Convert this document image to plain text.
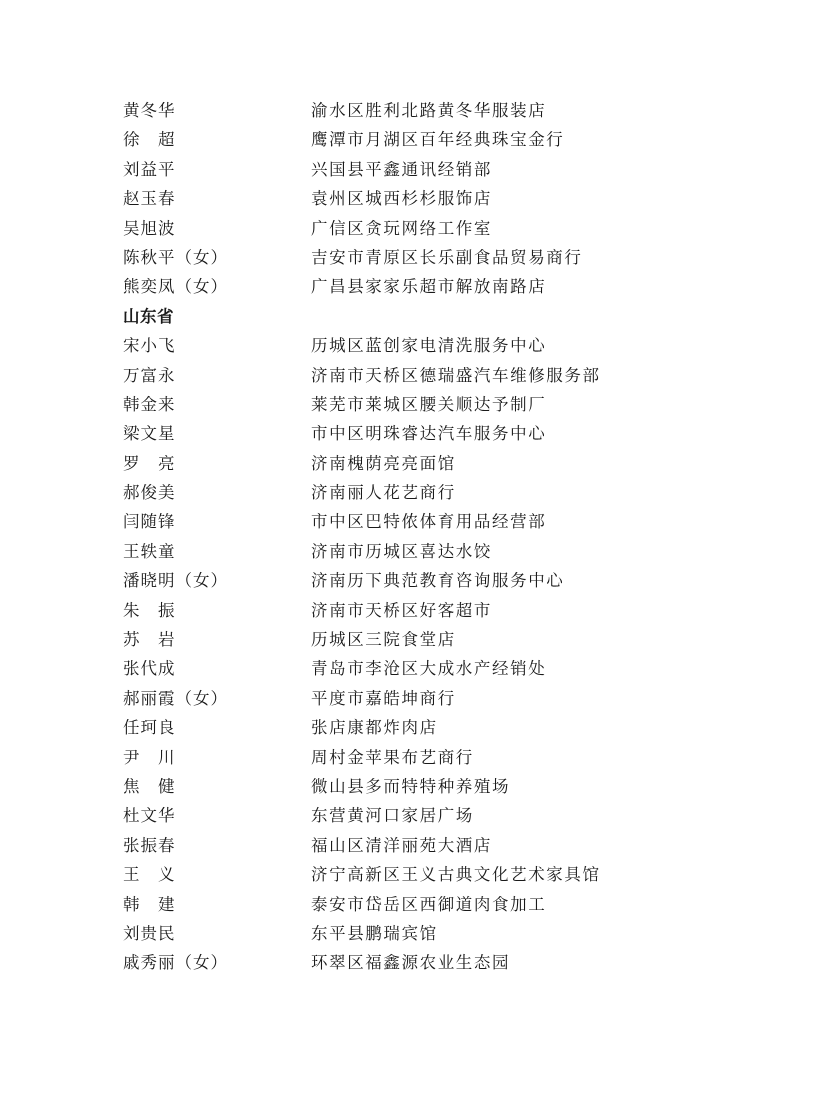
黄冬华	渝水区胜利北路黄冬华服装店
徐　超	鹰潭市月湖区百年经典珠宝金行
刘益平	兴国县平鑫通讯经销部
赵玉春	袁州区城西杉杉服饰店
吴旭波	广信区贪玩网络工作室
陈秋平（女）	吉安市青原区长乐副食品贸易商行
熊奕凤（女）	广昌县家家乐超市解放南路店
山东省
宋小飞	历城区蓝创家电清洗服务中心
万富永	济南市天桥区德瑞盛汽车维修服务部
韩金来	莱芜市莱城区腰关顺达予制厂
梁文星	市中区明珠睿达汽车服务中心
罗　亮	济南槐荫亮亮面馆
郝俊美	济南丽人花艺商行
闫随锋	市中区巴特侬体育用品经营部
王轶童	济南市历城区喜达水饺
潘晓明（女）	济南历下典范教育咨询服务中心
朱　振	济南市天桥区好客超市
苏　岩	历城区三院食堂店
张代成	青岛市李沧区大成水产经销处
郝丽霞（女）	平度市嘉皓坤商行
任珂良	张店康都炸肉店
尹　川	周村金苹果布艺商行
焦　健	微山县多而特特种养殖场
杜文华	东营黄河口家居广场
张振春	福山区清洋丽苑大酒店
王　义	济宁高新区王义古典文化艺术家具馆
韩　建	泰安市岱岳区西御道肉食加工
刘贵民	东平县鹏瑞宾馆
戚秀丽（女）	环翠区福鑫源农业生态园
